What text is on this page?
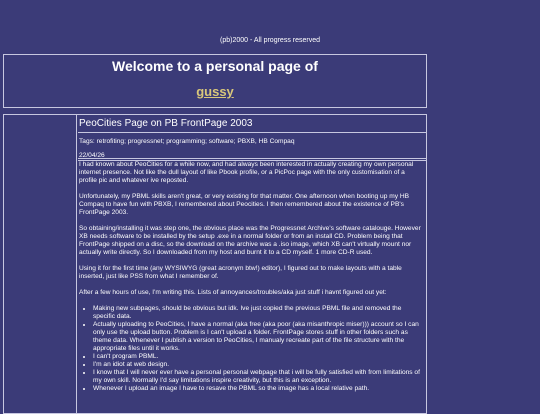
(pb)2000 - All progress reserved
Welcome to a personal page of
gussy
PeoCities Page on PB FrontPage 2003
Tags: retrofiting; progressnet; programming; software; PBXB, HB Compaq
22/04/26

I had known about PeoCities for a while now, and had always been interested in actually creating my own personal internet presence. Not like the dull layout of like Pbook profile, or a PicPoc page with the only customisation of a profile pic and whatever ive reposted.

Unfortunately, my PBML skills aren't great, or very existing for that matter. One afternoon when booting up my HB Compaq to have fun with PBXB, I remembered about Peocities. I then remembered about the existence of PB's FrontPage 2003.

So obtaining/installing it was step one, the obvious place was the Progressnet Archive's software catalouge. However XB needs software to be installed by the setup .exe in a normal folder or from an install CD. Problem being that FrontPage shipped on a disc, so the download on the archive was a .iso image, which XB can't virtually mount nor actually write directly. So I downloaded from my host and burnt it to a CD myself. 1 more CD-R used.

Using it for the first time (any WYSIWYG (great acronym btw!) editor), I figured out to make layouts with a table inserted, just like PSS from what I remember of.

After a few hours of use, I'm writing this. Lists of annoyances/troubles/aka just stuff i havnt figured out yet:

• Making new subpages, should be obvious but idk. Ive just copied the previous PBML file and removed the specific data.
• Actually uploading to PeoCities, I have a normal (aka free (aka poor (aka misanthropic miser))) account so I can only use the upload button. Problem is I can't upload a folder. FrontPage stores stuff in other folders such as theme data. Whenever I publish a version to PeoCities, I manualy recreate part of the file structure with the appropriate files until it works.
• I can't program PBML.
• I'm an idiot at web design.
• I know that I will never ever have a personal personal webpage that i will be fully satisfied with from limitations of my own skill. Normally I'd say limitations inspire creativity, but this is an exception.
• Whenever I upload an image I have to resave the PBML so the image has a local relative path.
